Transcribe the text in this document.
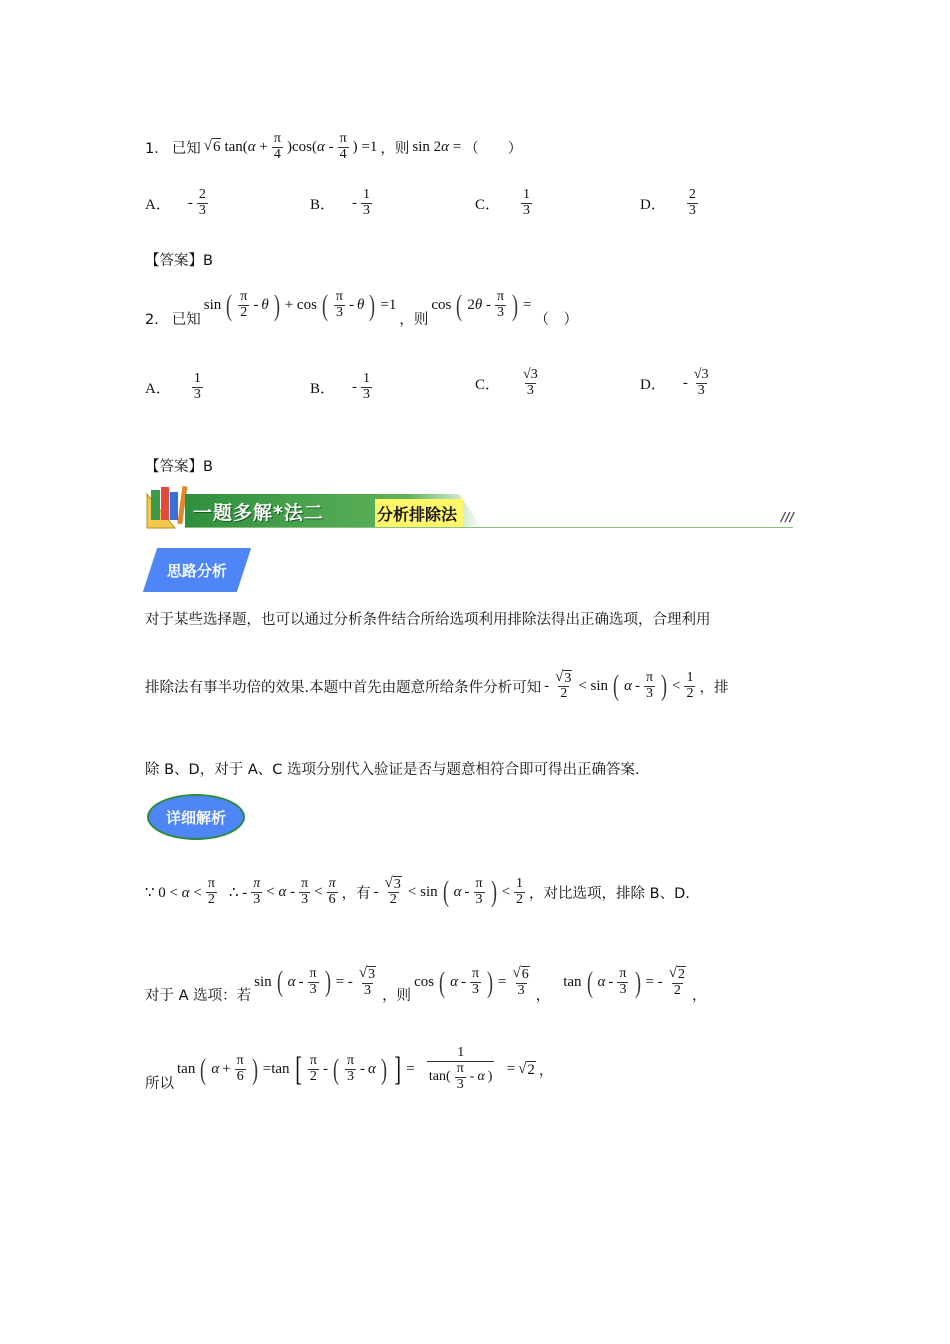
1． 已知 √ 6 $\tan(\alpha + \frac{\pi}{4} )\cos(\alpha - \frac{\pi}{4}$ ) =1 ，则 sin 2α = （　　）
A． - $\frac{2}{3}$	B． - $\frac{1}{3}$	C． $\frac{1}{3}$	D． $\frac{2}{3}$
【答案】B
2． 已知
sin ( $\frac{\pi}{2}$ - θ ) + cos ( $\frac{\pi}{3}$ - θ ) =1
，则
cos ( $2\theta - \frac{\pi}{3}$ ) =
（　）
A． $\frac{1}{3}$	B． - $\frac{1}{3}$	C． $\frac{√3}{3}$	D． - $\frac{√3}{3}$
【答案】B
一题多解*法二	分析排除法	///
思路分析
对于某些选择题，也可以通过分析条件结合所给选项利用排除法得出正确选项，合理利用
排除法有事半功倍的效果.本题中首先由题意所给条件分析可知 - $\frac{√ 3}{2} < \sin$ ( α - $\frac{\pi}{3}$ ) < $\frac{1}{2}$ ，排
除 B、D，对于 A、C 选项分别代入验证是否与题意相符合即可得出正确答案.
详细解析
∵ $0 < \alpha < \frac{\pi}{2}$ ∴ - $\frac{\pi}{3} < \alpha - \frac{\pi}{3} < \frac{\pi}{6}$ ，有 - $\frac{√ 3}{2} < \sin$ ( α - $\frac{\pi}{3}$ ) < $\frac{1}{2}$ ，对比选项，排除 B、D.
对于 A 选项：若
sin ( α - $\frac{\pi}{3}$ ) = - $\frac{√ 3}{3}$ ，则
cos ( α - $\frac{\pi}{3}$ ) = $\frac{√ 6}{3}$ ，
tan ( α - $\frac{\pi}{3}$ ) = - $\frac{√ 2}{2}$ ，
所以
tan ( $\alpha + \frac{\pi}{6}$ ) =tan [ $\frac{\pi}{2}$ - ( $\frac{\pi}{3}$ - α ) ] = $\frac{1}{\tan( \frac{\pi}{3} - \alpha )}$ = √ 2 ，
